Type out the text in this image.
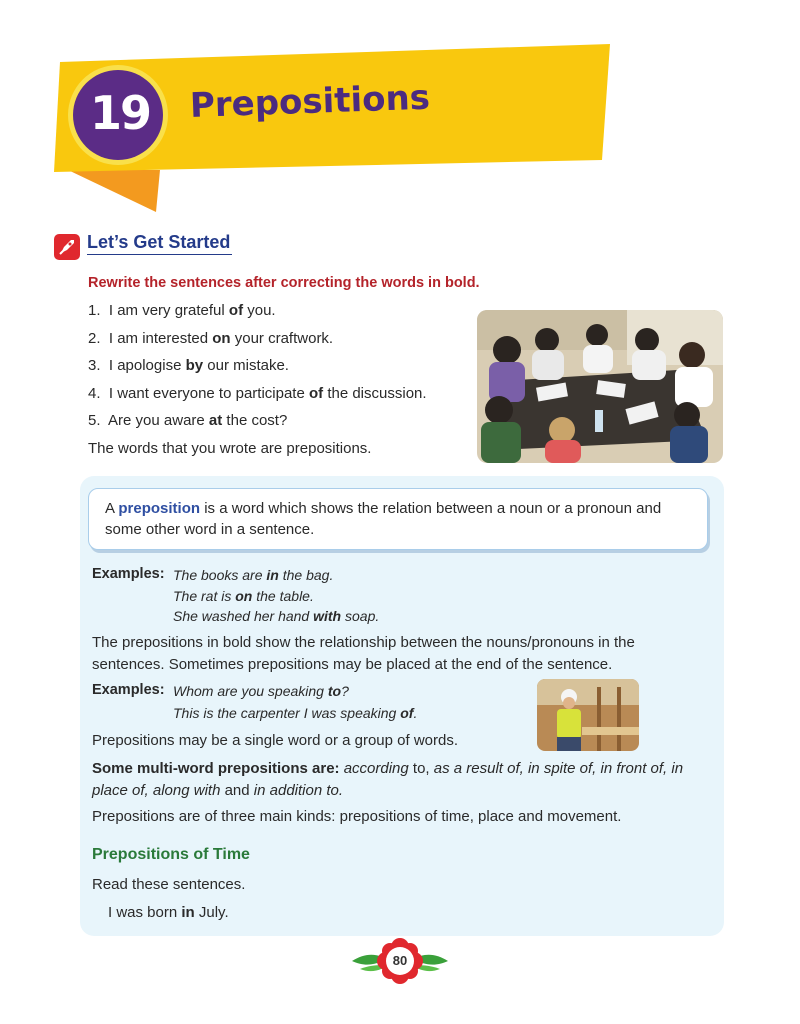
19 Prepositions
Let’s Get Started
Rewrite the sentences after correcting the words in bold.
1. I am very grateful of you.
2. I am interested on your craftwork.
3. I apologise by our mistake.
4. I want everyone to participate of the discussion.
5. Are you aware at the cost?
The words that you wrote are prepositions.
A preposition is a word which shows the relation between a noun or a pronoun and some other word in a sentence.
Examples: The books are in the bag.
The rat is on the table.
She washed her hand with soap.
The prepositions in bold show the relationship between the nouns/pronouns in the sentences. Sometimes prepositions may be placed at the end of the sentence.
Examples: Whom are you speaking to?
This is the carpenter I was speaking of.
Prepositions may be a single word or a group of words.
Some multi-word prepositions are: according to, as a result of, in spite of, in front of, in place of, along with and in addition to.
Prepositions are of three main kinds: prepositions of time, place and movement.
Prepositions of Time
Read these sentences.
I was born in July.
80
